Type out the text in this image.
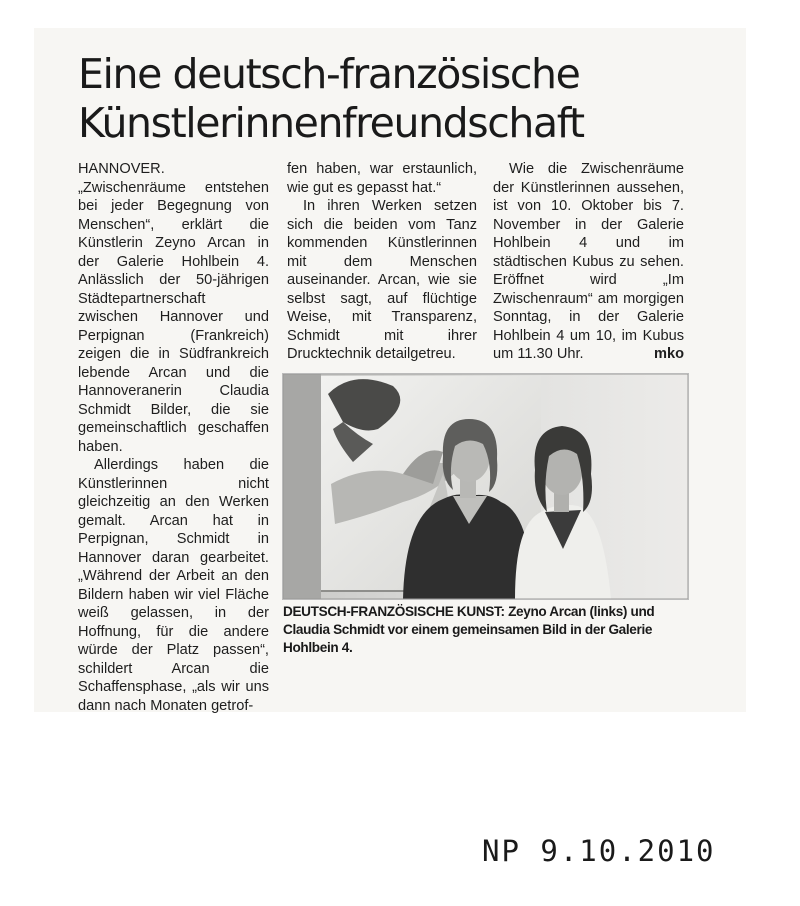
Eine deutsch-französische
Künstlerinnenfreundschaft

HANNOVER. „Zwischenräume entstehen bei jeder Begegnung von Menschen“, erklärt die Künstlerin Zeyno Arcan in der Galerie Hohlbein 4. Anlässlich der 50-jährigen Städtepartnerschaft zwischen Hannover und Perpignan (Frankreich) zeigen die in Südfrankreich lebende Arcan und die Hannoveranerin Claudia Schmidt Bilder, die sie gemeinschaftlich geschaffen haben.

Allerdings haben die Künstlerinnen nicht gleichzeitig an den Werken gemalt. Arcan hat in Perpignan, Schmidt in Hannover daran gearbeitet. „Während der Arbeit an den Bildern haben wir viel Fläche weiß gelassen, in der Hoffnung, für die andere würde der Platz passen“, schildert Arcan die Schaffensphase, „als wir uns dann nach Monaten getrof-

fen haben, war erstaunlich, wie gut es gepasst hat.“

In ihren Werken setzen sich die beiden vom Tanz kommenden Künstlerinnen mit dem Menschen auseinander. Arcan, wie sie selbst sagt, auf flüchtige Weise, mit Transparenz, Schmidt mit ihrer Drucktechnik detailgetreu.

Wie die Zwischenräume der Künstlerinnen aussehen, ist von 10. Oktober bis 7. November in der Galerie Hohlbein 4 und im städtischen Kubus zu sehen. Eröffnet wird „Im Zwischenraum“ am morgigen Sonntag, in der Galerie Hohlbein 4 um 10, im Kubus um 11.30 Uhr.	mko

DEUTSCH-FRANZÖSISCHE KUNST: Zeyno Arcan (links) und Claudia Schmidt vor einem gemeinsamen Bild in der Galerie Hohlbein 4.

NP 9.10.2010
